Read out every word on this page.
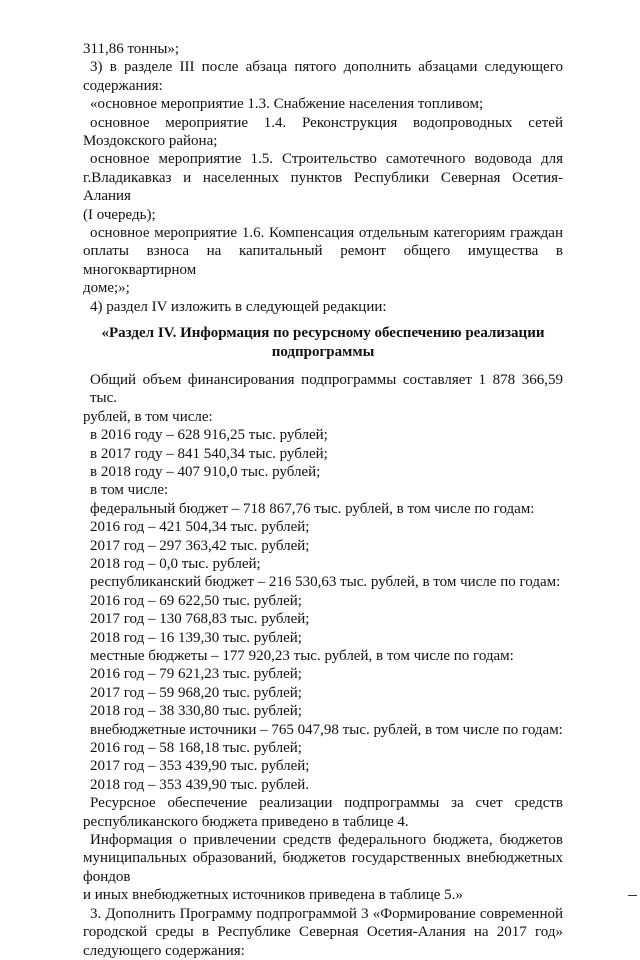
311,86 тонны»;
3) в разделе III после абзаца пятого дополнить абзацами следующего
содержания:
«основное мероприятие 1.3. Снабжение населения топливом;
основное мероприятие 1.4. Реконструкция водопроводных сетей
Моздокского района;
основное мероприятие 1.5. Строительство самотечного водовода для
г.Владикавказ и населенных пунктов Республики Северная Осетия-Алания
(I очередь);
основное мероприятие 1.6. Компенсация отдельным категориям граждан
оплаты взноса на капитальный ремонт общего имущества в многоквартирном
доме;»;
4) раздел IV изложить в следующей редакции:
«Раздел IV. Информация по ресурсному обеспечению реализации
подпрограммы
Общий объем финансирования подпрограммы составляет 1 878 366,59 тыс.
рублей, в том числе:
в 2016 году – 628 916,25 тыс. рублей;
в 2017 году – 841 540,34 тыс. рублей;
в 2018 году – 407 910,0 тыс. рублей;
в том числе:
федеральный бюджет – 718 867,76 тыс. рублей, в том числе по годам:
2016 год – 421 504,34 тыс. рублей;
2017 год – 297 363,42 тыс. рублей;
2018 год – 0,0 тыс. рублей;
республиканский бюджет – 216 530,63 тыс. рублей, в том числе по годам:
2016 год – 69 622,50 тыс. рублей;
2017 год – 130 768,83 тыс. рублей;
2018 год – 16 139,30 тыс. рублей;
местные бюджеты – 177 920,23 тыс. рублей, в том числе по годам:
2016 год – 79 621,23 тыс. рублей;
2017 год – 59 968,20 тыс. рублей;
2018 год – 38 330,80 тыс. рублей;
внебюджетные источники – 765 047,98 тыс. рублей, в том числе по годам:
2016 год – 58 168,18 тыс. рублей;
2017 год – 353 439,90 тыс. рублей;
2018 год – 353 439,90 тыс. рублей.
Ресурсное обеспечение реализации подпрограммы за счет средств
республиканского бюджета приведено в таблице 4.
Информация о привлечении средств федерального бюджета, бюджетов
муниципальных образований, бюджетов государственных внебюджетных фондов
и иных внебюджетных источников приведена в таблице 5.»
3. Дополнить Программу подпрограммой 3 «Формирование современной
городской среды в Республике Северная Осетия-Алания на 2017 год»
следующего содержания:
